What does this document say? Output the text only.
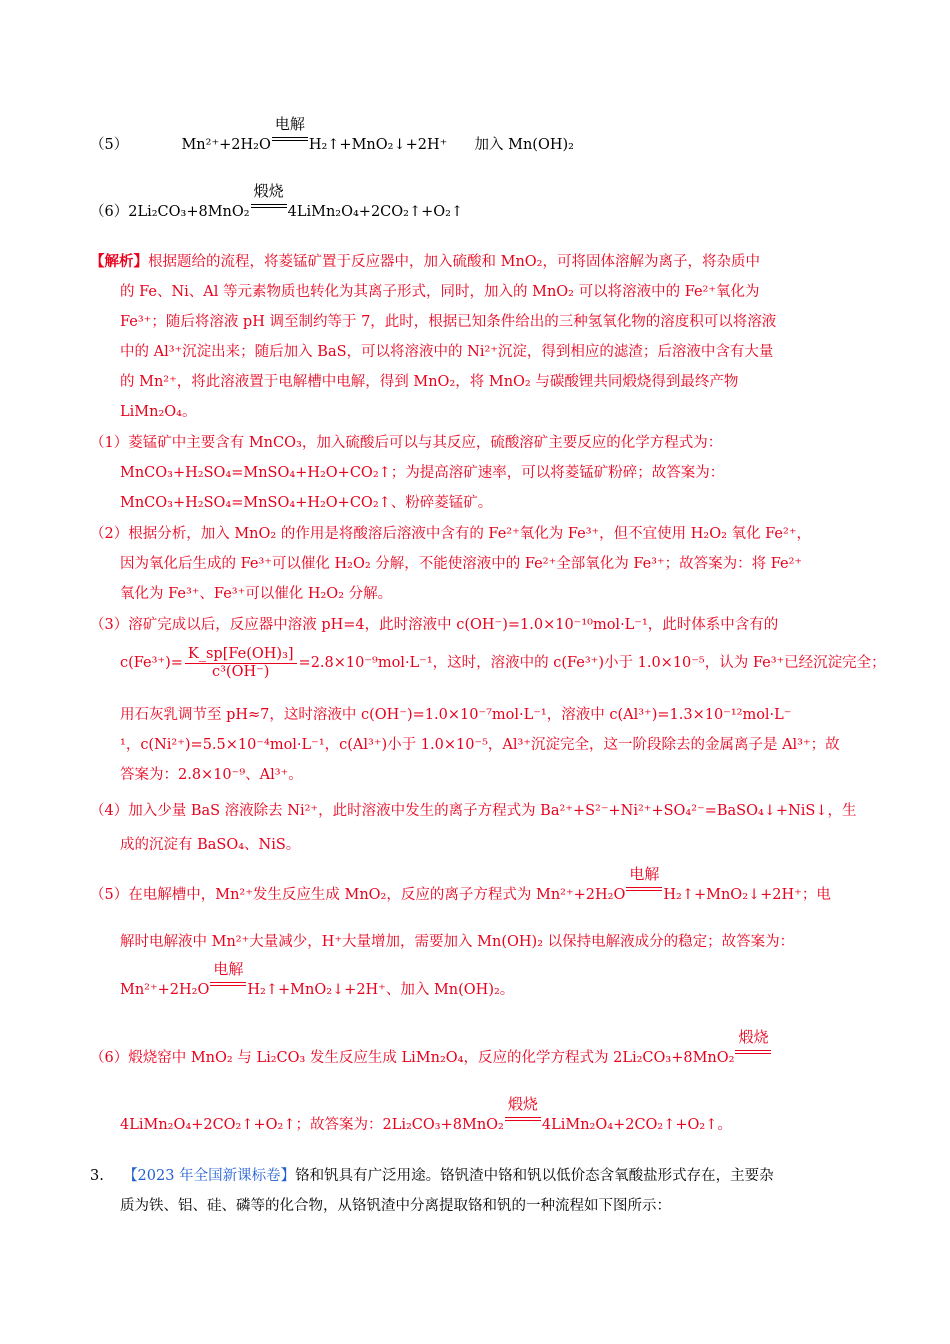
（5）	Mn²⁺+2H₂O
电解
H₂↑+MnO₂↓+2H⁺ 加入 Mn(OH)₂
（6）2Li₂CO₃+8MnO₂
煅烧
4LiMn₂O₄+2CO₂↑+O₂↑
【解析】根据题给的流程，将菱锰矿置于反应器中，加入硫酸和 MnO₂，可将固体溶解为离子，将杂质中
的 Fe、Ni、Al 等元素物质也转化为其离子形式，同时，加入的 MnO₂ 可以将溶液中的 Fe²⁺氧化为
Fe³⁺；随后将溶液 pH 调至制约等于 7，此时，根据已知条件给出的三种氢氧化物的溶度积可以将溶液
中的 Al³⁺沉淀出来；随后加入 BaS，可以将溶液中的 Ni²⁺沉淀，得到相应的滤渣；后溶液中含有大量
的 Mn²⁺，将此溶液置于电解槽中电解，得到 MnO₂，将 MnO₂ 与碳酸锂共同煅烧得到最终产物
LiMn₂O₄。
（1）菱锰矿中主要含有 MnCO₃，加入硫酸后可以与其反应，硫酸溶矿主要反应的化学方程式为：
MnCO₃+H₂SO₄=MnSO₄+H₂O+CO₂↑；为提高溶矿速率，可以将菱锰矿粉碎；故答案为：
MnCO₃+H₂SO₄=MnSO₄+H₂O+CO₂↑、粉碎菱锰矿。
（2）根据分析，加入 MnO₂ 的作用是将酸溶后溶液中含有的 Fe²⁺氧化为 Fe³⁺，但不宜使用 H₂O₂ 氧化 Fe²⁺，
因为氧化后生成的 Fe³⁺可以催化 H₂O₂ 分解，不能使溶液中的 Fe²⁺全部氧化为 Fe³⁺；故答案为：将 Fe²⁺
氧化为 Fe³⁺、Fe³⁺可以催化 H₂O₂ 分解。
（3）溶矿完成以后，反应器中溶液 pH=4，此时溶液中 c(OH⁻)=1.0×10⁻¹⁰mol·L⁻¹，此时体系中含有的
$c(Fe^{3+})= \frac{\text{K\_sp[Fe(OH)₃]}}{\text{c³(OH⁻)}} =2.8\times 10^{-9}mol\cdot L^{-1}$，这时，溶液中的 c(Fe³⁺)小于 1.0×10⁻⁵，认为 Fe³⁺已经沉淀完全；
用石灰乳调节至 pH≈7，这时溶液中 c(OH⁻)=1.0×10⁻⁷mol·L⁻¹，溶液中 c(Al³⁺)=1.3×10⁻¹²mol·L⁻
¹，c(Ni²⁺)=5.5×10⁻⁴mol·L⁻¹，c(Al³⁺)小于 1.0×10⁻⁵，Al³⁺沉淀完全，这一阶段除去的金属离子是 Al³⁺；故
答案为：2.8×10⁻⁹、Al³⁺。
（4）加入少量 BaS 溶液除去 Ni²⁺，此时溶液中发生的离子方程式为 Ba²⁺+S²⁻+Ni²⁺+SO₄²⁻=BaSO₄↓+NiS↓，生
成的沉淀有 BaSO₄、NiS。
（5）在电解槽中，Mn²⁺发生反应生成 MnO₂，反应的离子方程式为 Mn²⁺+2H₂O
电解
H₂↑+MnO₂↓+2H⁺；电
解时电解液中 Mn²⁺大量减少，H⁺大量增加，需要加入 Mn(OH)₂ 以保持电解液成分的稳定；故答案为：
Mn²⁺+2H₂O
电解
H₂↑+MnO₂↓+2H⁺、加入 Mn(OH)₂。
（6）煅烧窑中 MnO₂ 与 Li₂CO₃ 发生反应生成 LiMn₂O₄，反应的化学方程式为 2Li₂CO₃+8MnO₂
煅烧
4LiMn₂O₄+2CO₂↑+O₂↑；故答案为：2Li₂CO₃+8MnO₂
煅烧
4LiMn₂O₄+2CO₂↑+O₂↑。
3. 【2023 年全国新课标卷】铬和钒具有广泛用途。铬钒渣中铬和钒以低价态含氧酸盐形式存在，主要杂
质为铁、铝、硅、磷等的化合物，从铬钒渣中分离提取铬和钒的一种流程如下图所示：
